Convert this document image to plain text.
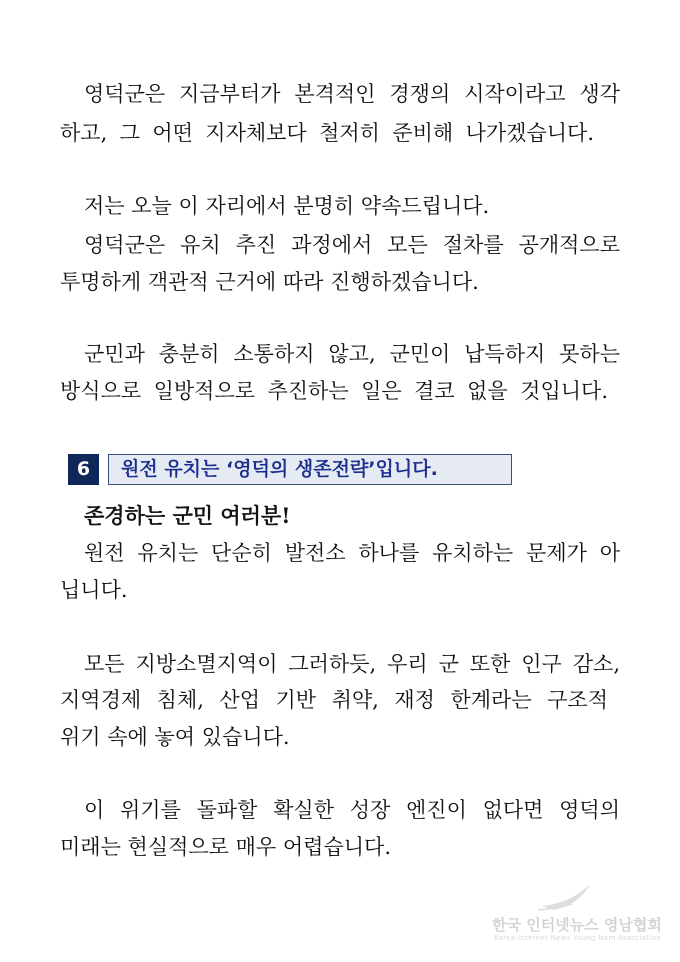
영덕군은 지금부터가 본격적인 경쟁의 시작이라고 생각
하고, 그 어떤 지자체보다 철저히 준비해 나가겠습니다.
저는 오늘 이 자리에서 분명히 약속드립니다.
영덕군은 유치 추진 과정에서 모든 절차를 공개적으로
투명하게 객관적 근거에 따라 진행하겠습니다.
군민과 충분히 소통하지 않고, 군민이 납득하지 못하는
방식으로 일방적으로 추진하는 일은 결코 없을 것입니다.
6	원전 유치는 ‘영덕의 생존전략’입니다.
존경하는 군민 여러분!
원전 유치는 단순히 발전소 하나를 유치하는 문제가 아
닙니다.
모든 지방소멸지역이 그러하듯, 우리 군 또한 인구 감소,
지역경제 침체, 산업 기반 취약, 재정 한계라는 구조적
위기 속에 놓여 있습니다.
이 위기를 돌파할 확실한 성장 엔진이 없다면 영덕의
미래는 현실적으로 매우 어렵습니다.
한국 인터넷뉴스 영남협회
Korea Internet News Young Nam Association
